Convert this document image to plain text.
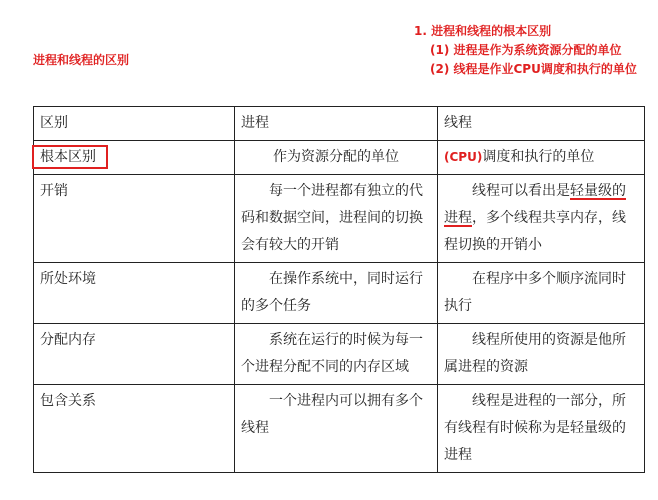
进程和线程的区别
1. 进程和线程的根本区别
(1) 进程是作为系统资源分配的单位
(2) 线程是作业CPU调度和执行的单位
区别	进程	线程
根本区别	作为资源分配的单位	(CPU)调度和执行的单位
开销	每一个进程都有独立的代码和数据空间，进程间的切换会有较大的开销	线程可以看出是轻量级的进程，多个线程共享内存，线程切换的开销小
所处环境	在操作系统中，同时运行的多个任务	在程序中多个顺序流同时执行
分配内存	系统在运行的时候为每一个进程分配不同的内存区域	线程所使用的资源是他所属进程的资源
包含关系	一个进程内可以拥有多个线程	线程是进程的一部分，所有线程有时候称为是轻量级的进程
